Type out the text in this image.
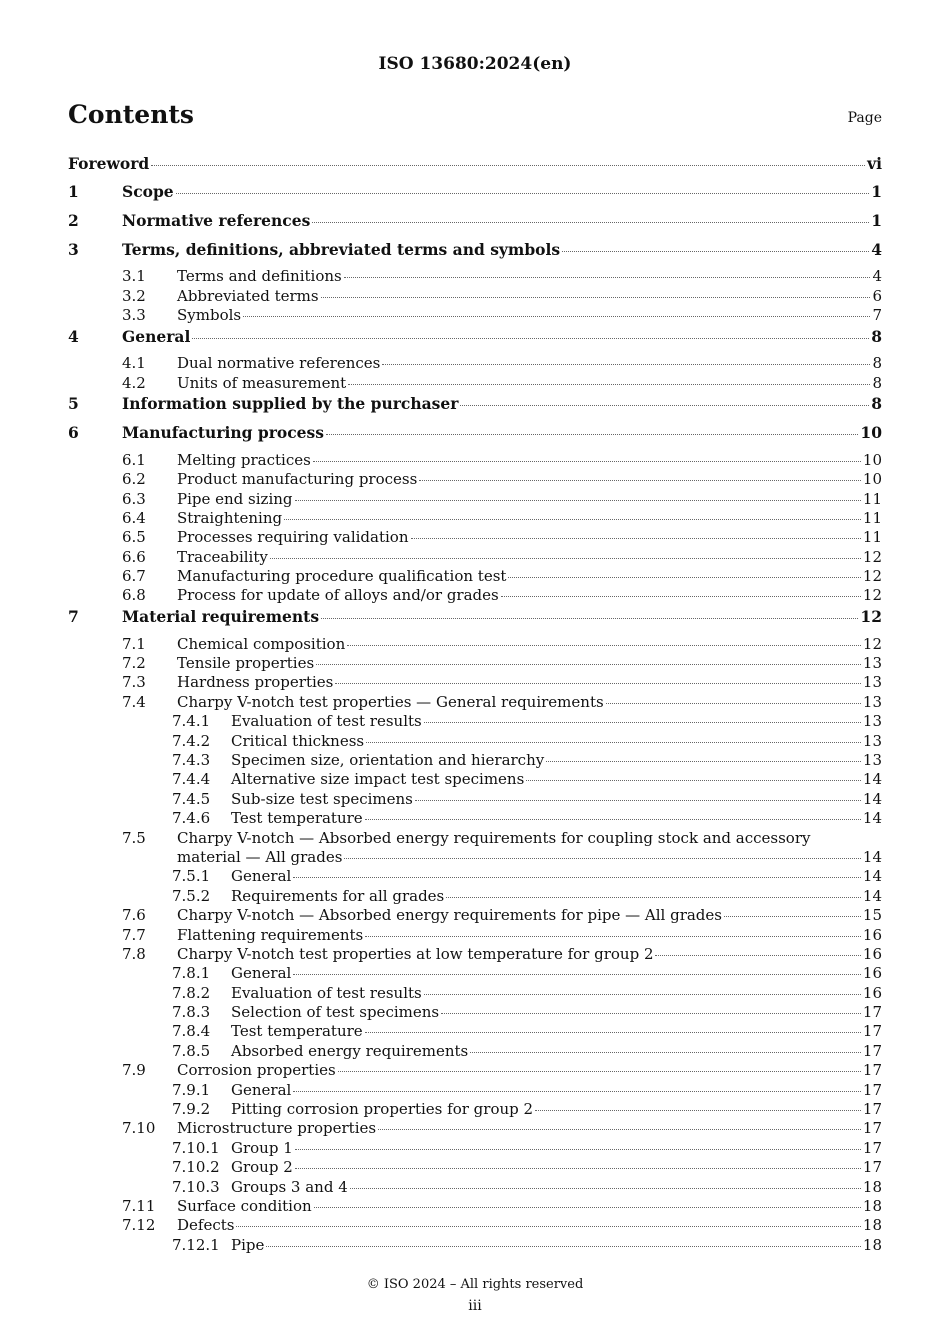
ISO 13680:2024(en)
Contents	Page
Foreword	vi
1	Scope	1
2	Normative references	1
3	Terms, definitions, abbreviated terms and symbols	4
3.1 Terms and definitions	4
3.2 Abbreviated terms	6
3.3 Symbols	7
4	General	8
4.1 Dual normative references	8
4.2 Units of measurement	8
5	Information supplied by the purchaser	8
6	Manufacturing process	10
6.1 Melting practices	10
6.2 Product manufacturing process	10
6.3 Pipe end sizing	11
6.4 Straightening	11
6.5 Processes requiring validation	11
6.6 Traceability	12
6.7 Manufacturing procedure qualification test	12
6.8 Process for update of alloys and/or grades	12
7	Material requirements	12
7.1 Chemical composition	12
7.2 Tensile properties	13
7.3 Hardness properties	13
7.4 Charpy V-notch test properties — General requirements	13
7.4.1 Evaluation of test results	13
7.4.2 Critical thickness	13
7.4.3 Specimen size, orientation and hierarchy	13
7.4.4 Alternative size impact test specimens	14
7.4.5 Sub-size test specimens	14
7.4.6 Test temperature	14
7.5 Charpy V-notch — Absorbed energy requirements for coupling stock and accessory
material — All grades	14
7.5.1 General	14
7.5.2 Requirements for all grades	14
7.6 Charpy V-notch — Absorbed energy requirements for pipe — All grades	15
7.7 Flattening requirements	16
7.8 Charpy V-notch test properties at low temperature for group 2	16
7.8.1 General	16
7.8.2 Evaluation of test results	16
7.8.3 Selection of test specimens	17
7.8.4 Test temperature	17
7.8.5 Absorbed energy requirements	17
7.9 Corrosion properties	17
7.9.1 General	17
7.9.2 Pitting corrosion properties for group 2	17
7.10 Microstructure properties	17
7.10.1 Group 1	17
7.10.2 Group 2	17
7.10.3 Groups 3 and 4	18
7.11 Surface condition	18
7.12 Defects	18
7.12.1 Pipe	18
© ISO 2024 – All rights reserved
iii
